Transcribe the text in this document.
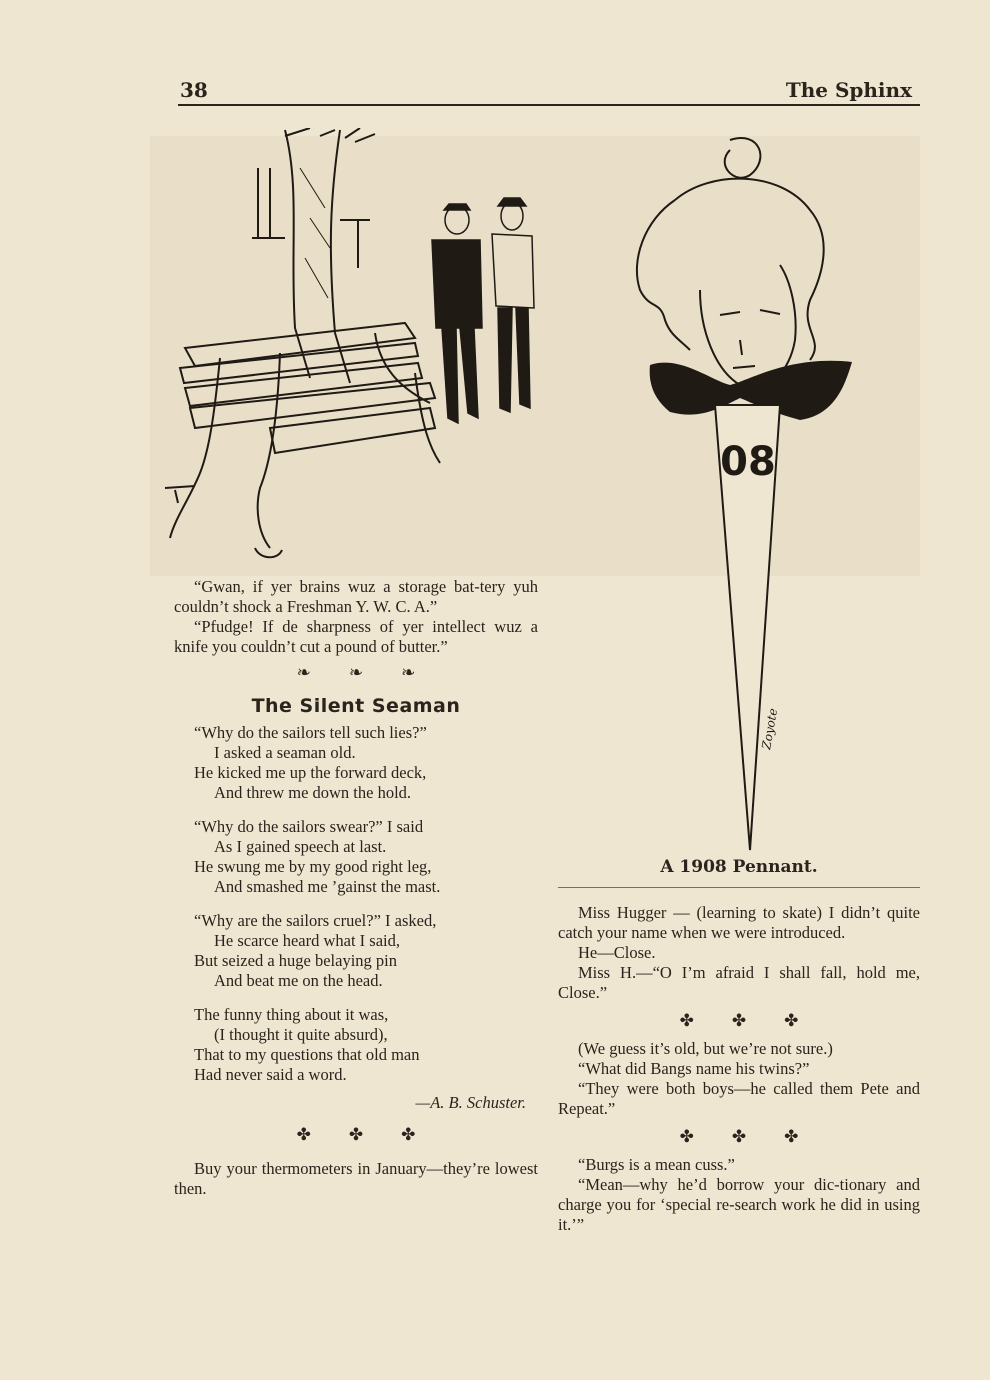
38	The Sphinx
08
Zoyote

“Gwan, if yer brains wuz a storage bat-tery yuh couldn’t shock a Freshman Y. W. C. A.”

“Pfudge! If de sharpness of yer intellect wuz a knife you couldn’t cut a pound of butter.”

❧ ❧ ❧
The Silent Seaman
“Why do the sailors tell such lies?”
I asked a seaman old.
He kicked me up the forward deck,
And threw me down the hold.
“Why do the sailors swear?” I said
As I gained speech at last.
He swung me by my good right leg,
And smashed me ’gainst the mast.
“Why are the sailors cruel?” I asked,
He scarce heard what I said,
But seized a huge belaying pin
And beat me on the head.
The funny thing about it was,
(I thought it quite absurd),
That to my questions that old man
Had never said a word.

—A. B. Schuster.

✤ ✤ ✤

Buy your thermometers in January—they’re lowest then.

A 1908 Pennant.

Miss Hugger — (learning to skate) I didn’t quite catch your name when we were introduced.

He—Close.

Miss H.—“O I’m afraid I shall fall, hold me, Close.”

✤ ✤ ✤

(We guess it’s old, but we’re not sure.)

“What did Bangs name his twins?”

“They were both boys—he called them Pete and Repeat.”

✤ ✤ ✤

“Burgs is a mean cuss.”

“Mean—why he’d borrow your dic-tionary and charge you for ‘special re-search work he did in using it.’”
